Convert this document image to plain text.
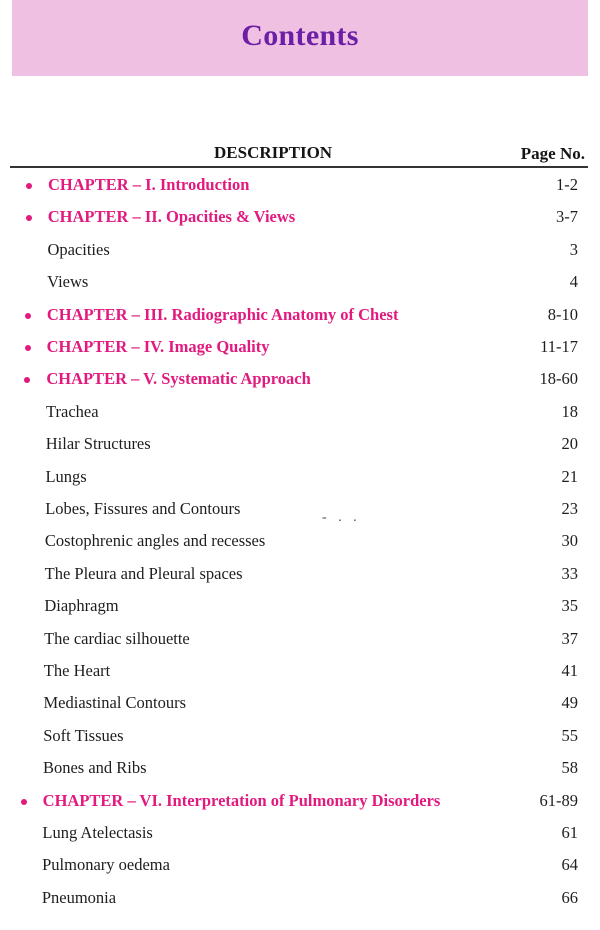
Contents
DESCRIPTION	Page No.
CHAPTER – I. Introduction	1-2
CHAPTER – II. Opacities & Views	3-7
Opacities	3
Views	4
CHAPTER – III. Radiographic Anatomy of Chest	8-10
CHAPTER – IV. Image Quality	11-17
CHAPTER – V. Systematic Approach	18-60
Trachea	18
Hilar Structures	20
Lungs	21
Lobes, Fissures and Contours	23
Costophrenic angles and recesses	30
The Pleura and Pleural spaces	33
Diaphragm	35
The cardiac silhouette	37
The Heart	41
Mediastinal Contours	49
Soft Tissues	55
Bones and Ribs	58
CHAPTER – VI. Interpretation of Pulmonary Disorders	61-89
Lung Atelectasis	61
Pulmonary oedema	64
Pneumonia	66
- . .
